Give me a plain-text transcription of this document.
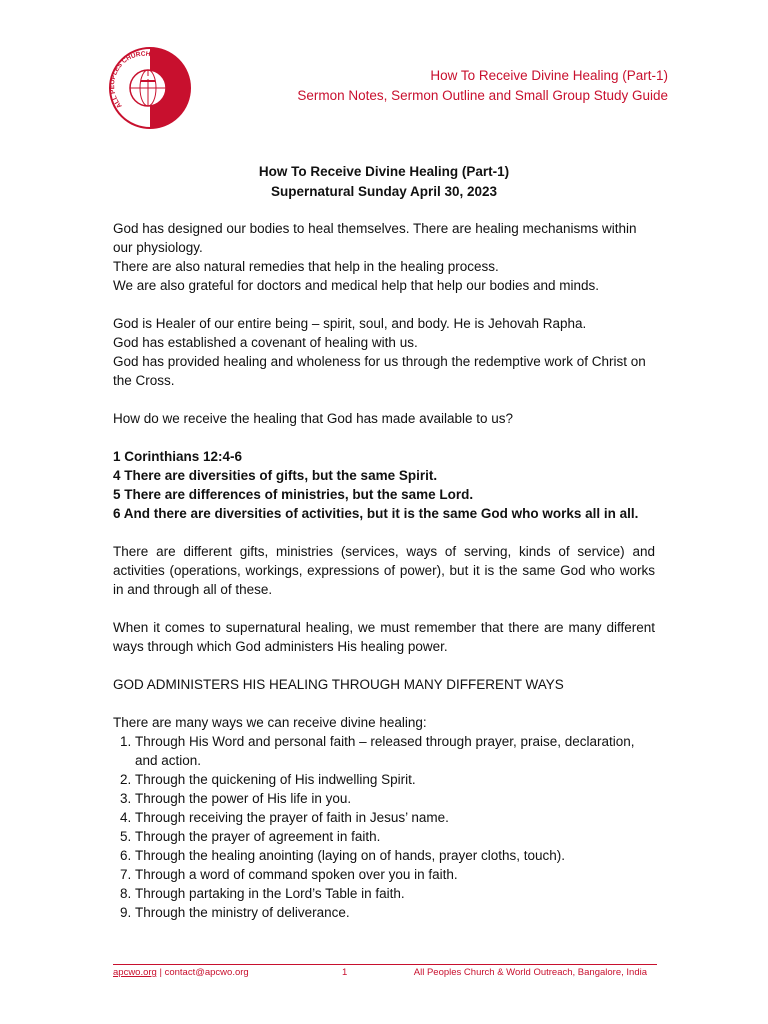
ALL PEOPLES CHURCH
How To Receive Divine Healing (Part-1)
Sermon Notes, Sermon Outline and Small Group Study Guide
How To Receive Divine Healing (Part-1)
Supernatural Sunday April 30, 2023

God has designed our bodies to heal themselves. There are healing mechanisms within our physiology.

There are also natural remedies that help in the healing process.

We are also grateful for doctors and medical help that help our bodies and minds.

God is Healer of our entire being – spirit, soul, and body. He is Jehovah Rapha.

God has established a covenant of healing with us.

God has provided healing and wholeness for us through the redemptive work of Christ on the Cross.

How do we receive the healing that God has made available to us?

1 Corinthians 12:4-6

4 There are diversities of gifts, but the same Spirit.

5 There are differences of ministries, but the same Lord.

6 And there are diversities of activities, but it is the same God who works all in all.

There are different gifts, ministries (services, ways of serving, kinds of service) and activities (operations, workings, expressions of power), but it is the same God who works in and through all of these.

When it comes to supernatural healing, we must remember that there are many different ways through which God administers His healing power.

GOD ADMINISTERS HIS HEALING THROUGH MANY DIFFERENT WAYS

There are many ways we can receive divine healing:

1. Through His Word and personal faith – released through prayer, praise, declaration, and action.
2. Through the quickening of His indwelling Spirit.
3. Through the power of His life in you.
4. Through receiving the prayer of faith in Jesus’ name.
5. Through the prayer of agreement in faith.
6. Through the healing anointing (laying on of hands, prayer cloths, touch).
7. Through a word of command spoken over you in faith.
8. Through partaking in the Lord’s Table in faith.
9. Through the ministry of deliverance.
apcwo.org | contact@apcwo.org	1	All Peoples Church & World Outreach, Bangalore, India
